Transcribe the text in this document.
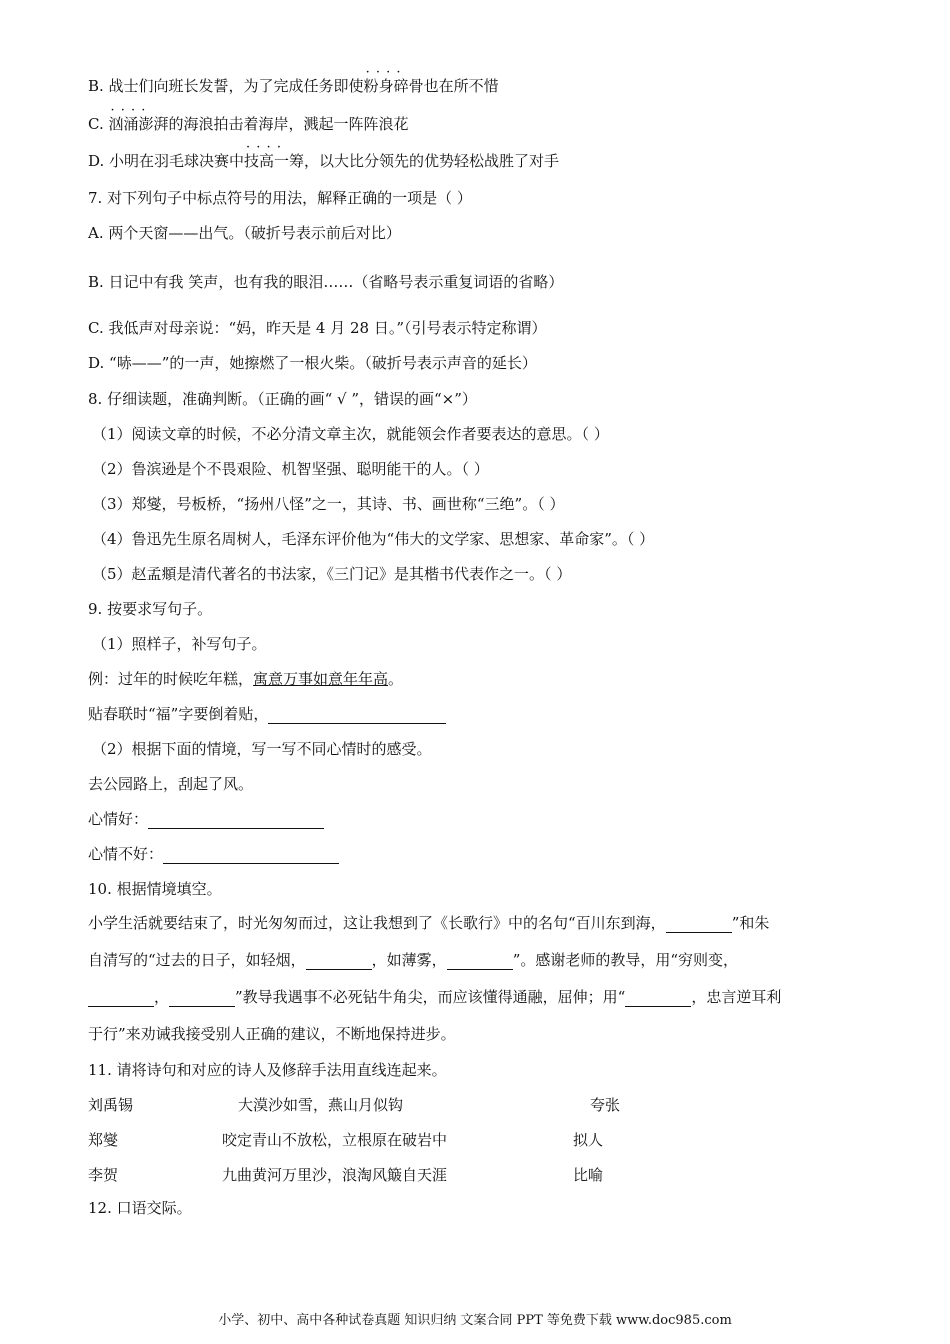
B. 战士们向班长发誓，为了完成任务即使· · · · 粉身碎骨也在所不惜
C. · · · · 汹涌澎湃的海浪拍击着海岸，溅起一阵阵浪花
D. 小明在羽毛球决赛中· · · · 技高一筹，以大比分领先的优势轻松战胜了对手
7. 对下列句子中标点符号的用法，解释正确的一项是（ ）
A. 两个天窗——出气。（破折号表示前后对比）
B. 日记中有我 笑声，也有我的眼泪……（省略号表示重复词语的省略）
C. 我低声对母亲说：“妈，昨天是 4 月 28 日。”（引号表示特定称谓）
D. “哧——”的一声，她擦燃了一根火柴。（破折号表示声音的延长）
8. 仔细读题，准确判断。（正确的画“ √ ”，错误的画“×”）
（1）阅读文章的时候，不必分清文章主次，就能领会作者要表达的意思。（ ）
（2）鲁滨逊是个不畏艰险、机智坚强、聪明能干的人。（ ）
（3）郑燮，号板桥，“扬州八怪”之一，其诗、书、画世称“三绝”。（ ）
（4）鲁迅先生原名周树人，毛泽东评价他为“伟大的文学家、思想家、革命家”。（ ）
（5）赵孟頫是清代著名的书法家，《三门记》是其楷书代表作之一。（ ）
9. 按要求写句子。
（1）照样子，补写句子。
例：过年的时候吃年糕，寓意万事如意年年高。
贴春联时“福”字要倒着贴，
（2）根据下面的情境，写一写不同心情时的感受。
去公园路上，刮起了风。
心情好：
心情不好：
10. 根据情境填空。
小学生活就要结束了，时光匆匆而过，这让我想到了《长歌行》中的名句“百川东到海，	”和朱
自清写的“过去的日子，如轻烟，	，如薄雾，	”。感谢老师的教导，用“穷则变，
，	”教导我遇事不必死钻牛角尖，而应该懂得通融，屈伸；用“	，忠言逆耳利
于行”来劝诫我接受别人正确的建议，不断地保持进步。
11. 请将诗句和对应的诗人及修辞手法用直线连起来。
刘禹锡	大漠沙如雪，燕山月似钩	夸张
郑燮	咬定青山不放松，立根原在破岩中	拟人
李贺	九曲黄河万里沙，浪淘风簸自天涯	比喻
12. 口语交际。
小学、初中、高中各种试卷真题 知识归纳 文案合同 PPT 等免费下载 www.doc985.com
